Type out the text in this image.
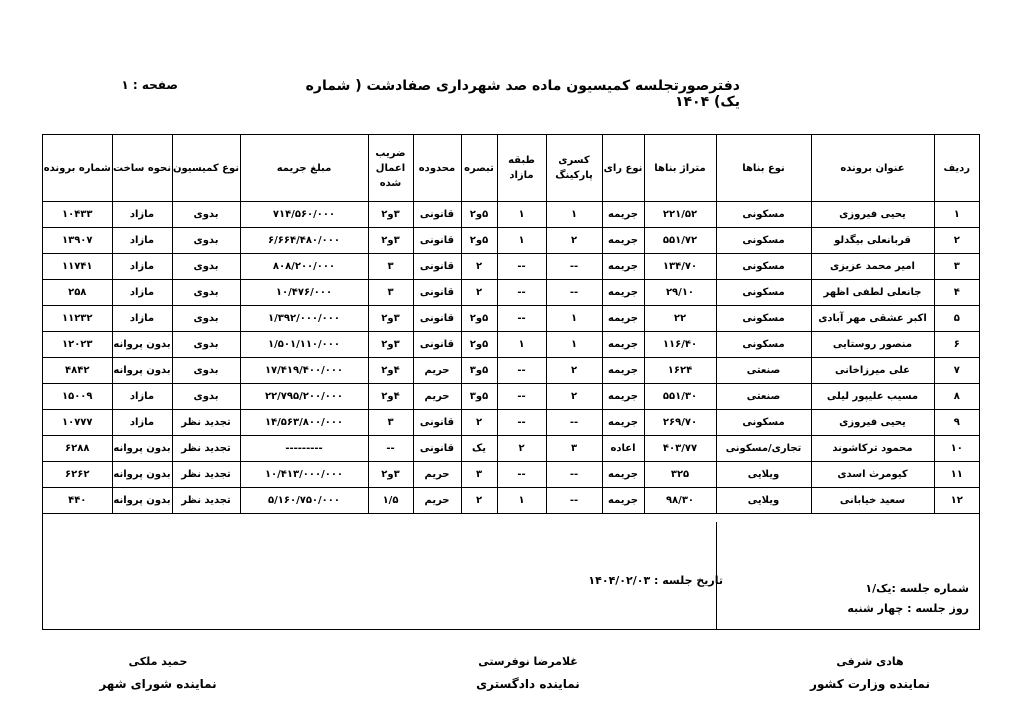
دفترصورتجلسه کمیسیون ماده صد شهرداری صفادشت ( شماره یک) ۱۴۰۴
صفحه : ۱
ردیف	عنوان برونده	نوع بناها	متراژ بناها	نوع رای	کسری پارکینگ	طبقه مازاد	تبصره	محدوده	ضریب اعمال شده	مبلغ جریمه	نوع کمیسیون	نحوه ساخت	شماره برونده
۱	یحیی فیروزی	مسکونی	۲۲۱/۵۲	جریمه	۱	۱	۵و۲	قانونی	۳و۲	۷۱۴/۵۶۰/۰۰۰	بدوی	مازاد	۱۰۴۳۳
۲	قربانعلی بیگدلو	مسکونی	۵۵۱/۷۲	جریمه	۲	۱	۵و۲	قانونی	۳و۲	۶/۶۶۴/۴۸۰/۰۰۰	بدوی	مازاد	۱۳۹۰۷
۳	امیر محمد عزیزی	مسکونی	۱۳۴/۷۰	جریمه	--	--	۲	قانونی	۳	۸۰۸/۲۰۰/۰۰۰	بدوی	مازاد	۱۱۷۴۱
۴	جانعلی لطفی اظهر	مسکونی	۲۹/۱۰	جریمه	--	--	۲	قانونی	۳	۱۰/۴۷۶/۰۰۰	بدوی	مازاد	۲۵۸
۵	اکبر عشقی مهر آبادی	مسکونی	۲۲	جریمه	۱	--	۵و۲	قانونی	۳و۲	۱/۳۹۲/۰۰۰/۰۰۰	بدوی	مازاد	۱۱۲۳۲
۶	منصور روستایی	مسکونی	۱۱۶/۴۰	جریمه	۱	۱	۵و۲	قانونی	۳و۲	۱/۵۰۱/۱۱۰/۰۰۰	بدوی	بدون پروانه	۱۲۰۲۳
۷	علی میرزاخانی	صنعتی	۱۶۲۴	جریمه	۲	--	۵و۳	حریم	۴و۲	۱۷/۴۱۹/۴۰۰/۰۰۰	بدوی	بدون پروانه	۴۸۴۲
۸	مسیب علیپور لیلی	صنعتی	۵۵۱/۳۰	جریمه	۲	--	۵و۳	حریم	۴و۲	۲۲/۷۹۵/۲۰۰/۰۰۰	بدوی	مازاد	۱۵۰۰۹
۹	یحیی فیروزی	مسکونی	۲۶۹/۷۰	جریمه	--	--	۲	قانونی	۳	۱۴/۵۶۳/۸۰۰/۰۰۰	تجدید نظر	مازاد	۱۰۷۷۷
۱۰	محمود ترکاشوند	تجاری/مسکونی	۴۰۳/۷۷	اعاده	۳	۲	یک	قانونی	--	---------	تجدید نظر	بدون پروانه	۶۲۸۸
۱۱	کیومرث اسدی	ویلایی	۳۲۵	جریمه	--	--	۳	حریم	۳و۲	۱۰/۴۱۳/۰۰۰/۰۰۰	تجدید نظر	بدون پروانه	۶۲۶۲
۱۲	سعید خیابانی	ویلایی	۹۸/۳۰	جریمه	--	۱	۲	حریم	۱/۵	۵/۱۶۰/۷۵۰/۰۰۰	تجدید نظر	بدون پروانه	۴۴۰
تاریخ جلسه : ۱۴۰۴/۰۲/۰۳
شماره جلسه :یک/۱
روز جلسه : چهار شنبه
هادی شرفی
نماینده وزارت کشور
غلامرضا نوفرستی
نماینده دادگستری
حمید ملکی
نماینده شورای شهر
